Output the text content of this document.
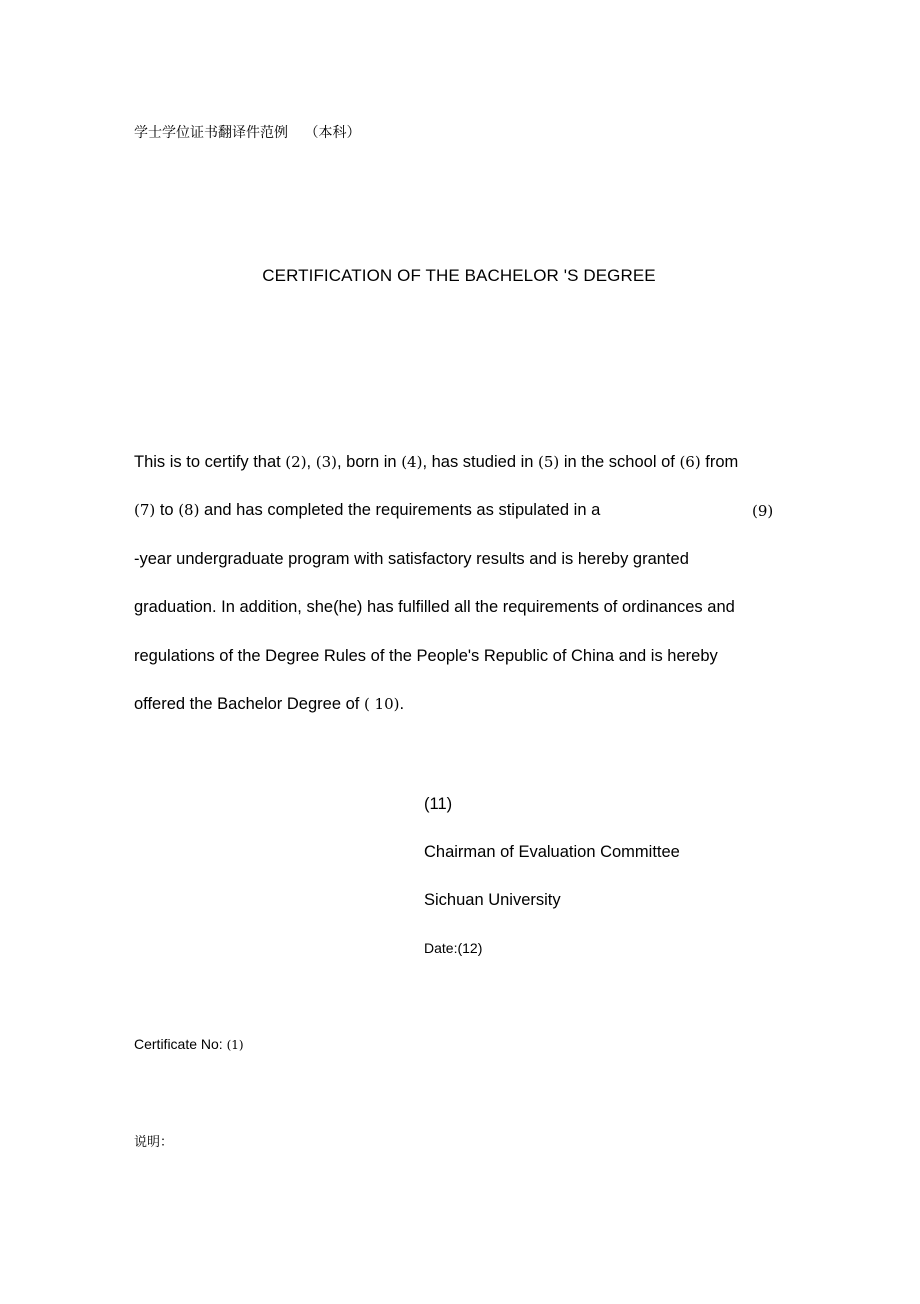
学士学位证书翻译件范例 （本科）
CERTIFICATION OF THE BACHELOR 'S DEGREE
This is to certify that (2), (3), born in (4), has studied in (5) in the school of (6) from
(7) to (8) and has completed the requirements as stipulated in a	(9)
-year undergraduate program with satisfactory results and is hereby granted
graduation. In addition, she(he) has fulfilled all the requirements of ordinances and
regulations of the Degree Rules of the People's Republic of China and is hereby
offered the Bachelor Degree of ( 10).
(11)
Chairman of Evaluation Committee
Sichuan University
Date:(12)
Certificate No: (1)
说明：
